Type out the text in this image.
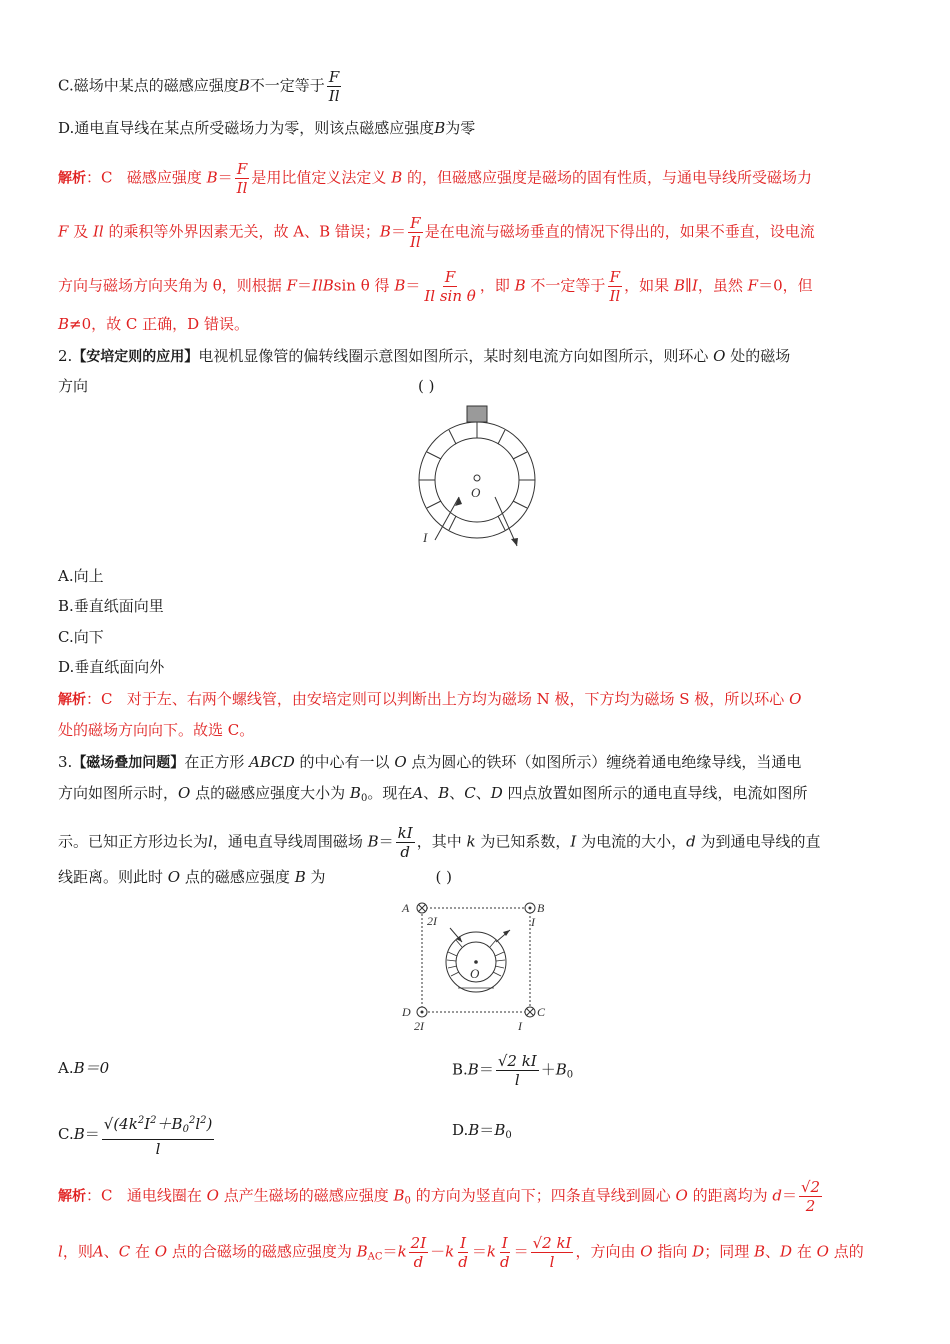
C.磁场中某点的磁感应强度B不一定等于 $\frac{F}{Il}$
D.通电直导线在某点所受磁场力为零，则该点磁感应强度B为零
解析：C 磁感应强度 $B= \frac{F}{Il}$ 是用比值定义法定义 B 的，但磁感应强度是磁场的固有性质，与通电导线所受磁场力
F 及 Il 的乘积等外界因素无关，故 A、B 错误；$B= \frac{F}{Il}$ 是在电流与磁场垂直的情况下得出的，如果不垂直，设电流
方向与磁场方向夹角为 θ，则根据 F＝IlBsin θ 得 $B= \frac{F}{\text{Il sin θ}}$ ，即 B 不一定等于 $\frac{F}{Il}$ ，如果 B∥I，虽然 F＝0，但
B≠0，故 C 正确，D 错误。
2.【安培定则的应用】电视机显像管的偏转线圈示意图如图所示，某时刻电流方向如图所示，则环心 O 处的磁场
方向	( )
O
I
A.向上
B.垂直纸面向里
C.向下
D.垂直纸面向外
解析：C 对于左、右两个螺线管，由安培定则可以判断出上方均为磁场 N 极，下方均为磁场 S 极，所以环心 O
处的磁场方向向下。故选 C。
3.【磁场叠加问题】在正方形 ABCD 的中心有一以 O 点为圆心的铁环（如图所示）缠绕着通电绝缘导线，当通电
方向如图所示时，O 点的磁感应强度大小为 $B_0$。现在A、B、C、D 四点放置如图所示的通电直导线，电流如图所
示。已知正方形边长为l，通电直导线周围磁场 $B= \frac{kI}{d}$ ，其中 k 为已知系数，I 为电流的大小，d 为到通电导线的直
线距离。则此时 O 点的磁感应强度 B 为	( )
A	B
C
D
2I	I
I
2I
O
A.B＝0	$B.B= \frac{√2 kI}{l} +B_0$
$C.B= \frac{√(4k^2I^2+B_0^2l^2)}{l}$	$D.B=B_0$
解析：C 通电线圈在 O 点产生磁场的磁感应强度 $B_0$ 的方向为竖直向下；四条直导线到圆心 O 的距离均为 $d= \frac{√2}{2}$
l，则A、C 在 O 点的合磁场的磁感应强度为 $B_{AC}=k \frac{2I}{d} -k \frac{I}{d} =k \frac{I}{d} = \frac{√2 kI}{l}$ ，方向由 O 指向 D；同理 B、D 在 O 点的
